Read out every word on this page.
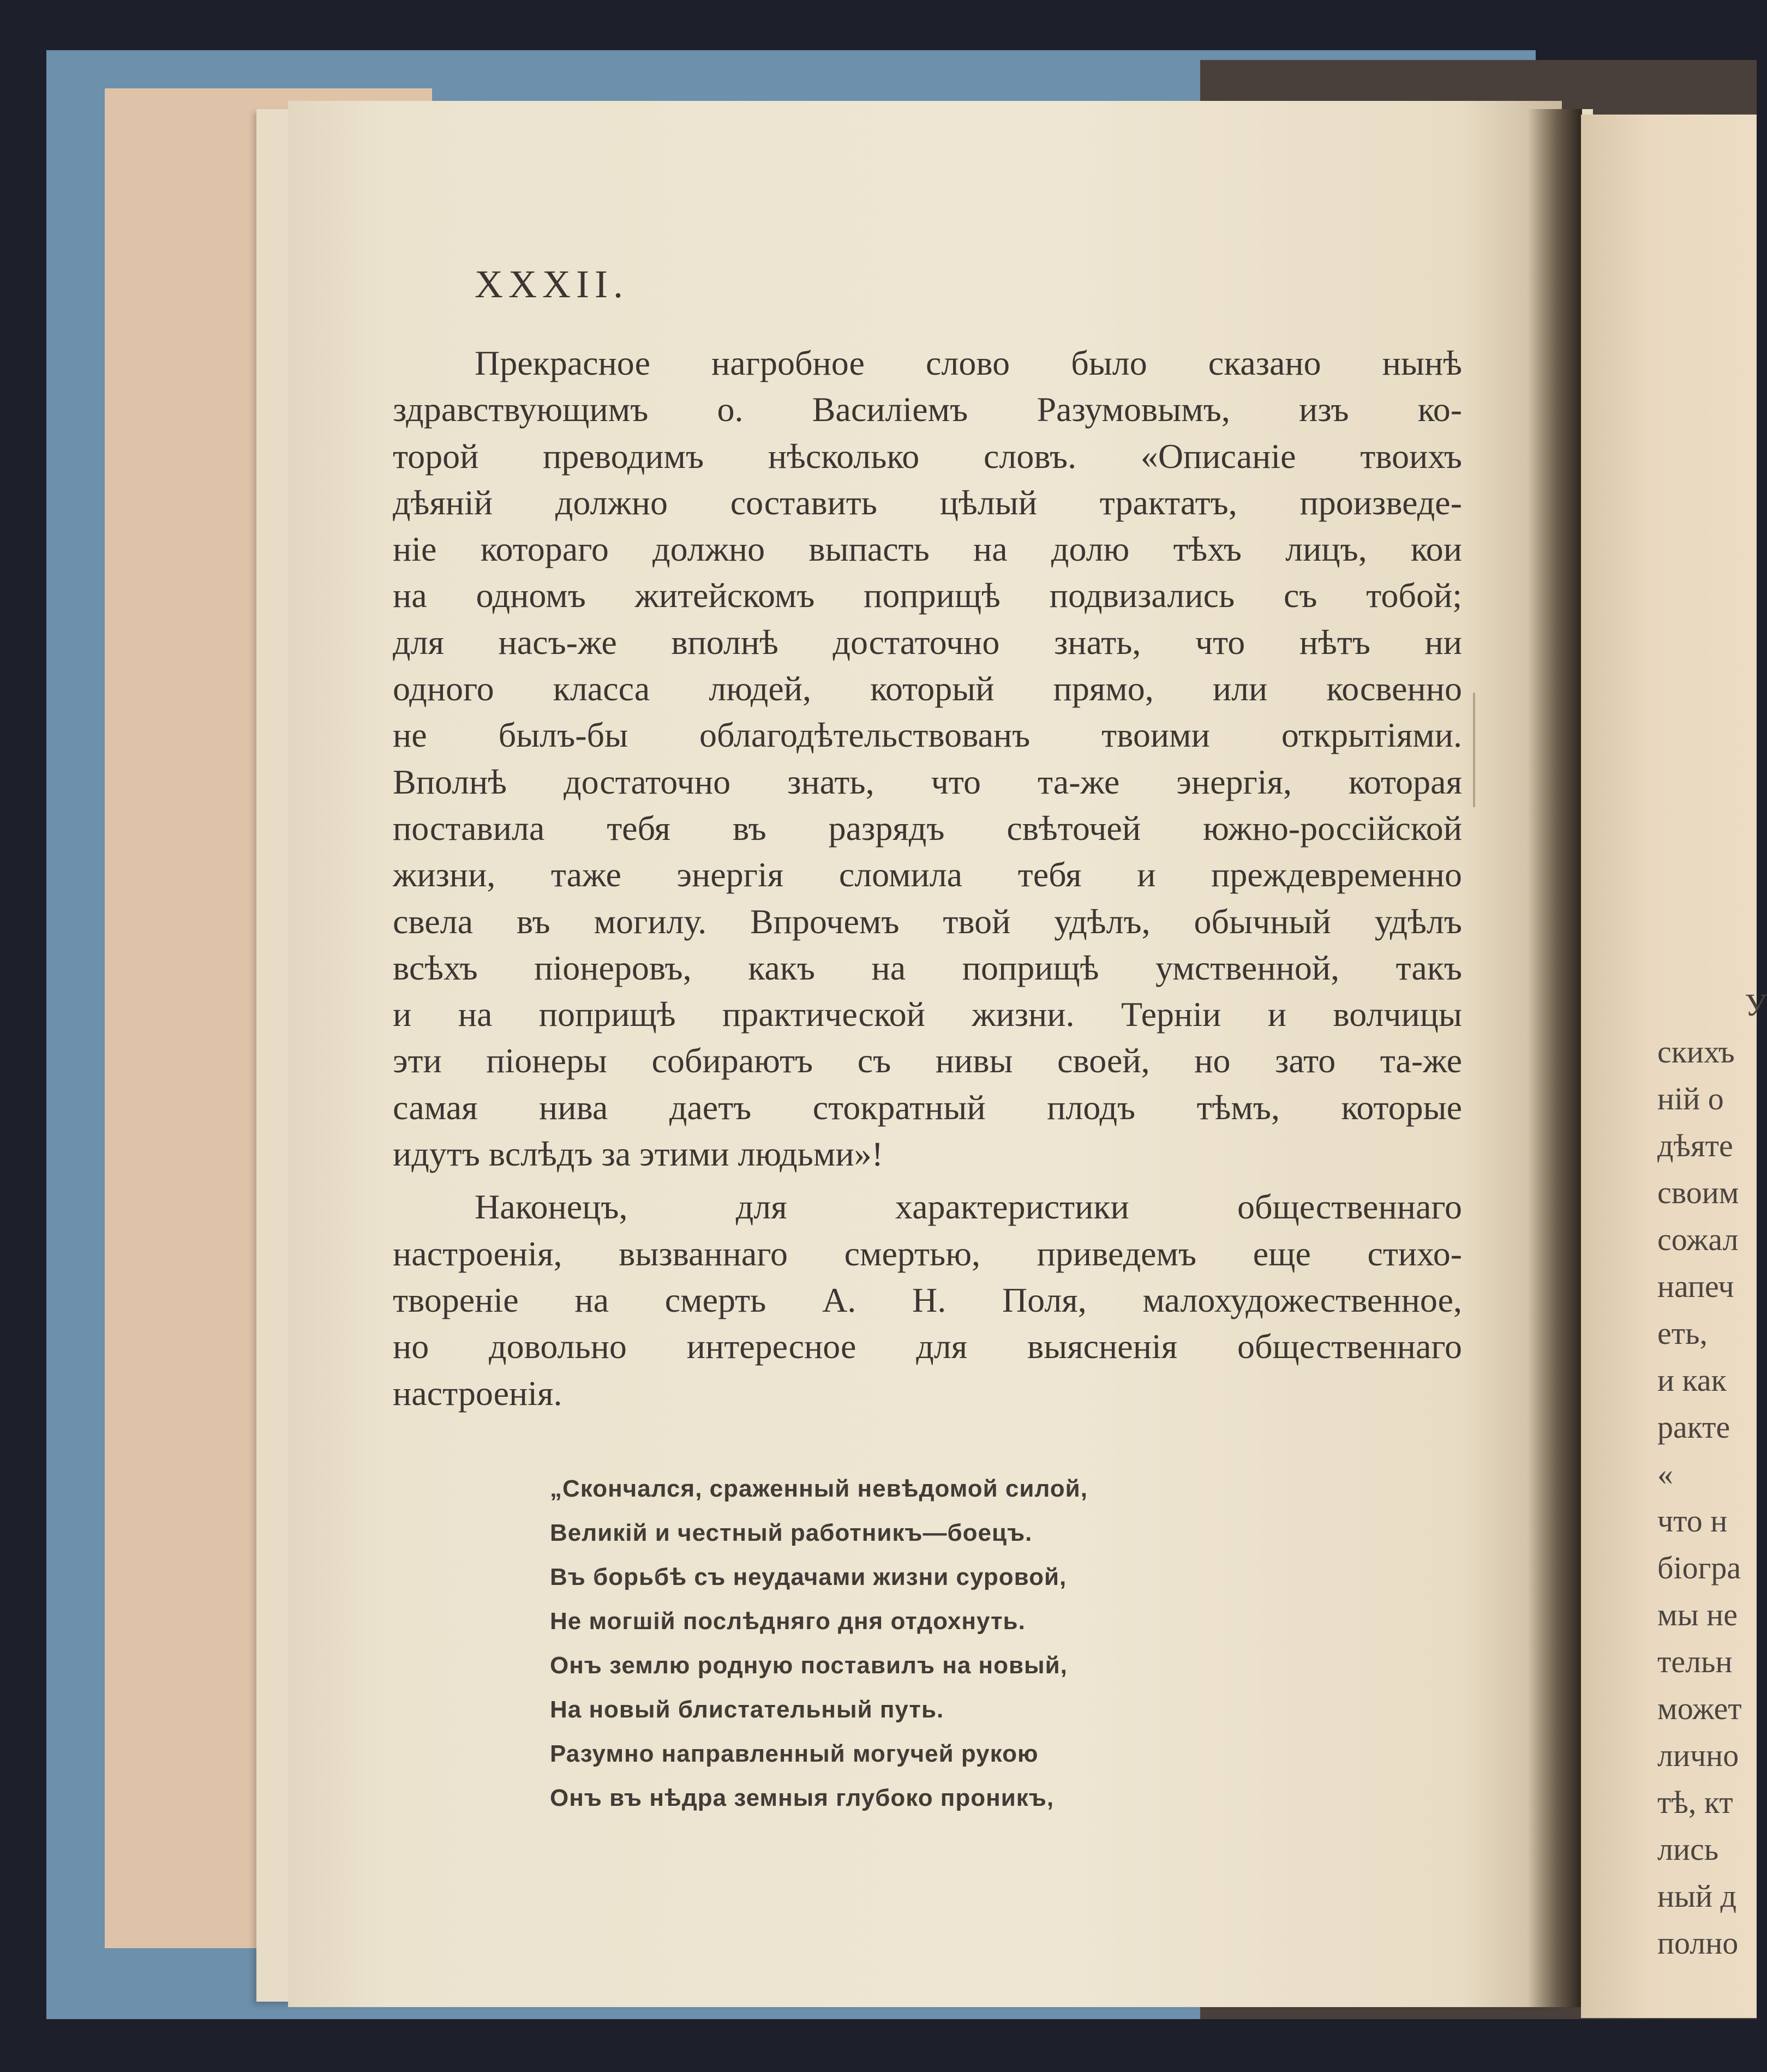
XXXII.

Прекрасное нагробное слово было сказано нынѣ
здравствующимъ о. Василіемъ Разумовымъ, изъ ко-
торой преводимъ нѣсколько словъ. «Описаніе твоихъ
дѣяній должно составить цѣлый трактатъ, произведе-
ніе котораго должно выпасть на долю тѣхъ лицъ, кои
на одномъ житейскомъ поприщѣ подвизались съ тобой;
для насъ-же вполнѣ достаточно знать, что нѣтъ ни
одного класса людей, который прямо, или косвенно
не былъ-бы облагодѣтельствованъ твоими открытіями.
Вполнѣ достаточно знать, что та-же энергія, которая
поставила тебя въ разрядъ свѣточей южно-россійской
жизни, таже энергія сломила тебя и преждевременно
свела въ могилу. Впрочемъ твой удѣлъ, обычный удѣлъ
всѣхъ піонеровъ, какъ на поприщѣ умственной, такъ
и на поприщѣ практической жизни. Терніи и волчицы
эти піонеры собираютъ съ нивы своей, но зато та-же
самая нива даетъ стократный плодъ тѣмъ, которые
идутъ вслѣдъ за этими людьми»!

Наконецъ, для характеристики общественнаго
настроенія, вызваннаго смертью, приведемъ еще стихо-
твореніе на смерть А. Н. Поля, малохудожественное,
но довольно интересное для выясненія общественнаго
настроенія.

„Скончался, сраженный невѣдомой силой,
Великій и честный работникъ—боецъ.
Въ борьбѣ съ неудачами жизни суровой,
Не могшій послѣдняго дня отдохнуть.
Онъ землю родную поставилъ на новый,
На новый блистательный путь.
Разумно направленный могучей рукою
Онъ въ нѣдра земныя глубоко проникъ,
У
скихъ
ній о
дѣяте
своим
сожал
напеч
еть,
и как
ракте
«
что н
біогра
мы не
тельн
может
лично
тѣ, кт
лись
ный д
полно
